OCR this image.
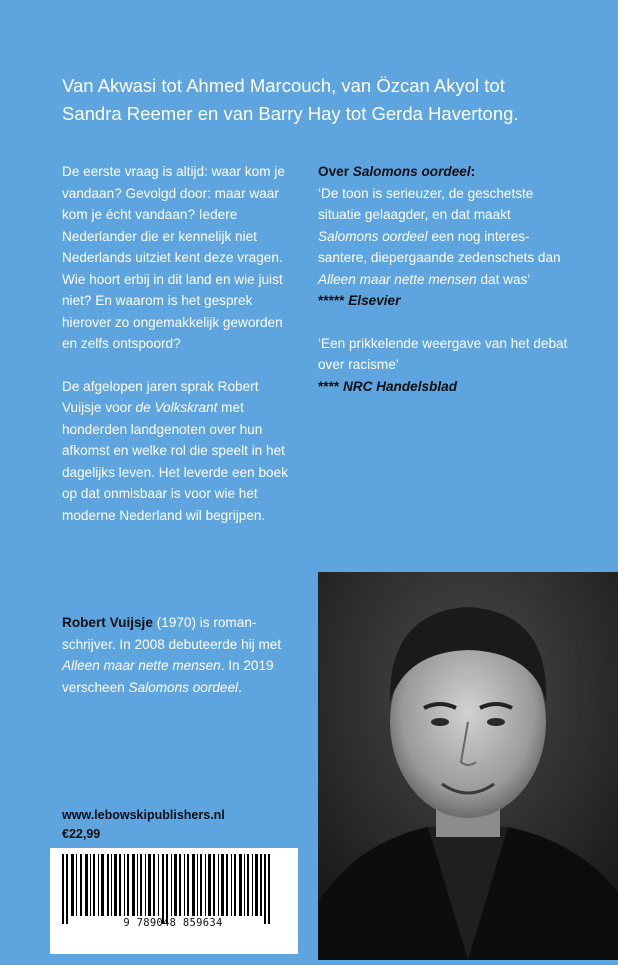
Van Akwasi tot Ahmed Marcouch, van Özcan Akyol tot
Sandra Reemer en van Barry Hay tot Gerda Havertong.

De eerste vraag is altijd: waar kom je vandaan? Gevolgd door: maar waar kom je écht vandaan? Iedere Nederlander die er kennelijk niet Nederlands uitziet kent deze vragen. Wie hoort erbij in dit land en wie juist niet? En waarom is het gesprek hierover zo ongemakkelijk geworden en zelfs ontspoord?

De afgelopen jaren sprak Robert Vuijsje voor de Volkskrant met honderden landgenoten over hun afkomst en welke rol die speelt in het dagelijks leven. Het leverde een boek op dat onmisbaar is voor wie het moderne Nederland wil begrijpen.

Over Salomons oordeel:
‘De toon is serieuzer, de geschetste situatie gelaagder, en dat maakt Salomons oordeel een nog interessantere, diepergaande zedenschets dan Alleen maar nette mensen dat was’
***** Elsevier
‘Een prikkelende weergave van het debat over racisme’
**** NRC Handelsblad

Robert Vuijsje (1970) is romanschrijver. In 2008 debuteerde hij met Alleen maar nette mensen. In 2019 verscheen Salomons oordeel.

www.lebowskipublishers.nl

€22,99

9 789048 859634
